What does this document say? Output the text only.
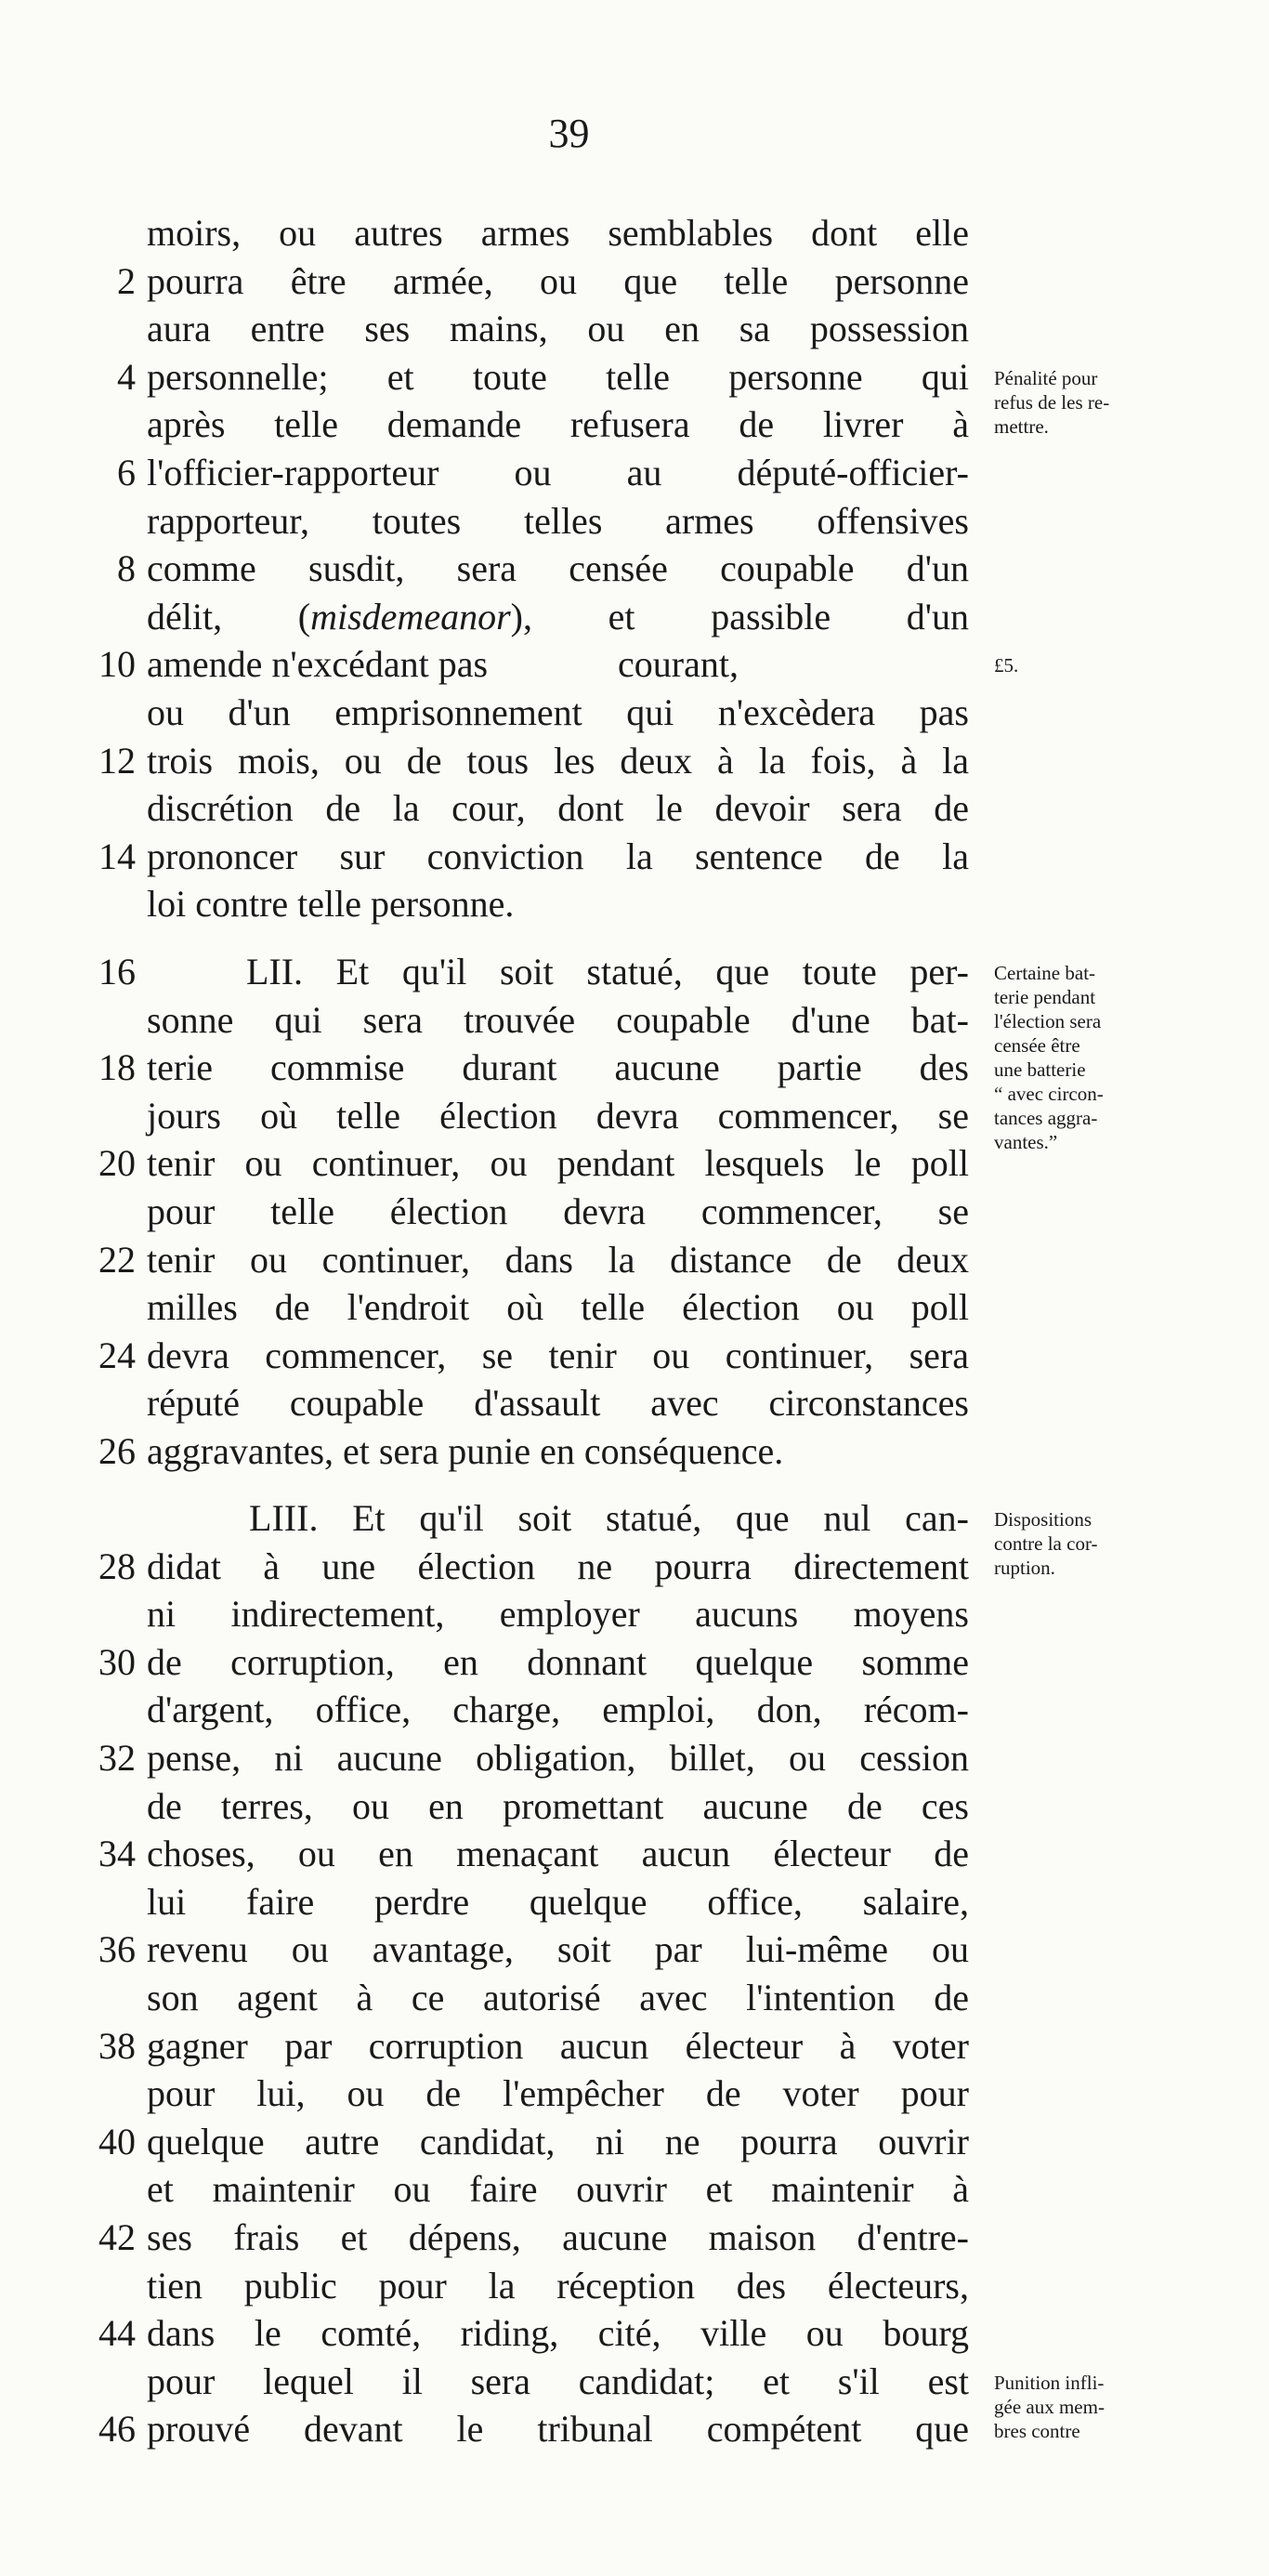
39
moirs, ou autres armes semblables dont elle
2 pourra être armée, ou que telle personne
aura entre ses mains, ou en sa possession
4 personnelle; et toute telle personne qui
après telle demande refusera de livrer à
6 l'officier-rapporteur ou au député-officier-
rapporteur, toutes telles armes offensives
8 comme susdit, sera censée coupable d'un
délit, (misdemeanor), et passible d'un
10 amende n'excédant pas              courant,
ou d'un emprisonnement qui n'excèdera pas
12 trois mois, ou de tous les deux à la fois, à la
discrétion de la cour, dont le devoir sera de
14 prononcer sur conviction la sentence de la
loi contre telle personne.
Pénalité pour
refus de les re-
mettre.
£5.
16 LII. Et qu'il soit statué, que toute per-
sonne qui sera trouvée coupable d'une bat-
18 terie commise durant aucune partie des
jours où telle élection devra commencer, se
20 tenir ou continuer, ou pendant lesquels le poll
pour telle élection devra commencer, se
22 tenir ou continuer, dans la distance de deux
milles de l'endroit où telle élection ou poll
24 devra commencer, se tenir ou continuer, sera
réputé coupable d'assault avec circonstances
26 aggravantes, et sera punie en conséquence.
Certaine bat-
terie pendant
l'élection sera
censée être
une batterie
“ avec circon-
tances aggra-
vantes.”
LIII. Et qu'il soit statué, que nul can-
28 didat à une élection ne pourra directement
ni indirectement, employer aucuns moyens
30 de corruption, en donnant quelque somme
d'argent, office, charge, emploi, don, récom-
32 pense, ni aucune obligation, billet, ou cession
de terres, ou en promettant aucune de ces
34 choses, ou en menaçant aucun électeur de
lui faire perdre quelque office, salaire,
36 revenu ou avantage, soit par lui-même ou
son agent à ce autorisé avec l'intention de
38 gagner par corruption aucun électeur à voter
pour lui, ou de l'empêcher de voter pour
40 quelque autre candidat, ni ne pourra ouvrir
et maintenir ou faire ouvrir et maintenir à
42 ses frais et dépens, aucune maison d'entre-
tien public pour la réception des électeurs,
44 dans le comté, riding, cité, ville ou bourg
pour lequel il sera candidat; et s'il est
46 prouvé devant le tribunal compétent que
Dispositions
contre la cor-
ruption.
Punition infli-
gée aux mem-
bres contre
